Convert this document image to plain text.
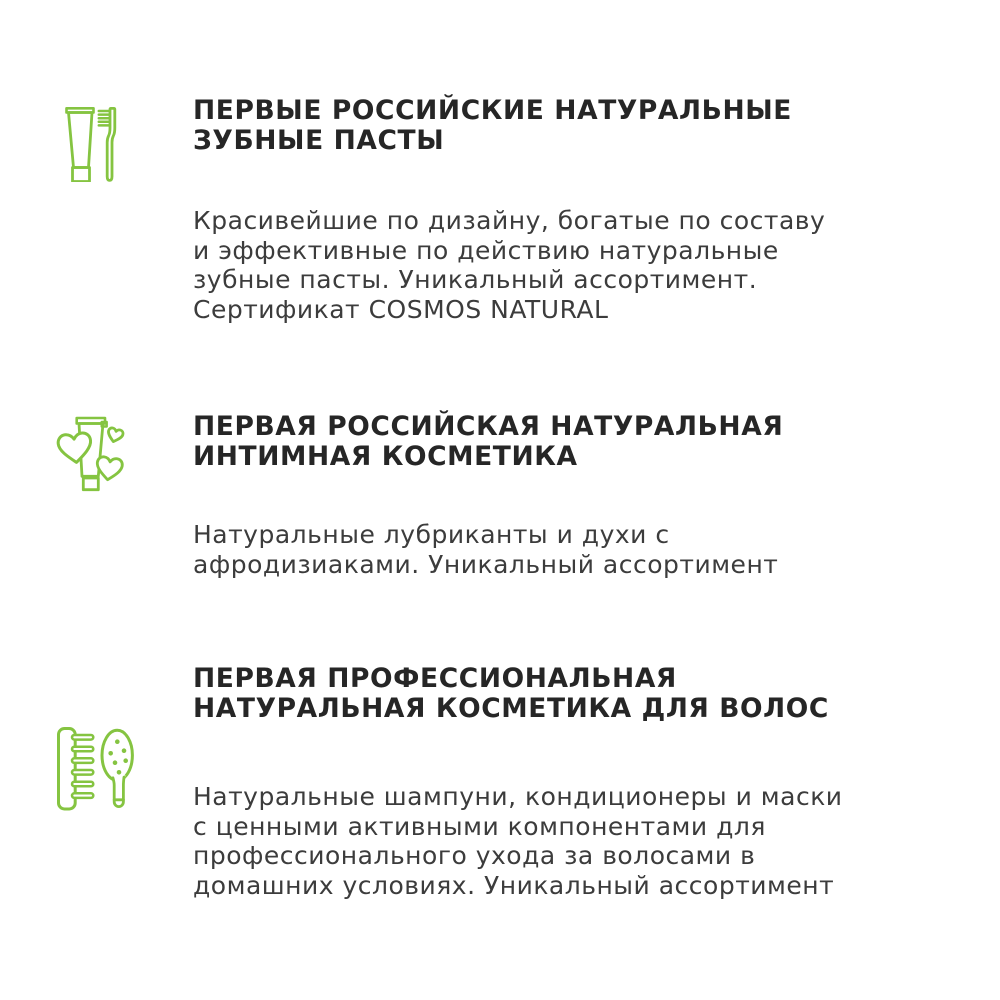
ПЕРВЫЕ РОССИЙСКИЕ НАТУРАЛЬНЫЕ
ЗУБНЫЕ ПАСТЫ

Красивейшие по дизайну, богатые по составу
и эффективные по действию натуральные
зубные пасты. Уникальный ассортимент.
Сертификат COSMOS NATURAL

ПЕРВАЯ РОССИЙСКАЯ НАТУРАЛЬНАЯ
ИНТИМНАЯ КОСМЕТИКА

Натуральные лубриканты и духи с
афродизиаками. Уникальный ассортимент

ПЕРВАЯ ПРОФЕССИОНАЛЬНАЯ
НАТУРАЛЬНАЯ КОСМЕТИКА ДЛЯ ВОЛОС

Натуральные шампуни, кондиционеры и маски
с ценными активными компонентами для
профессионального ухода за волосами в
домашних условиях. Уникальный ассортимент
